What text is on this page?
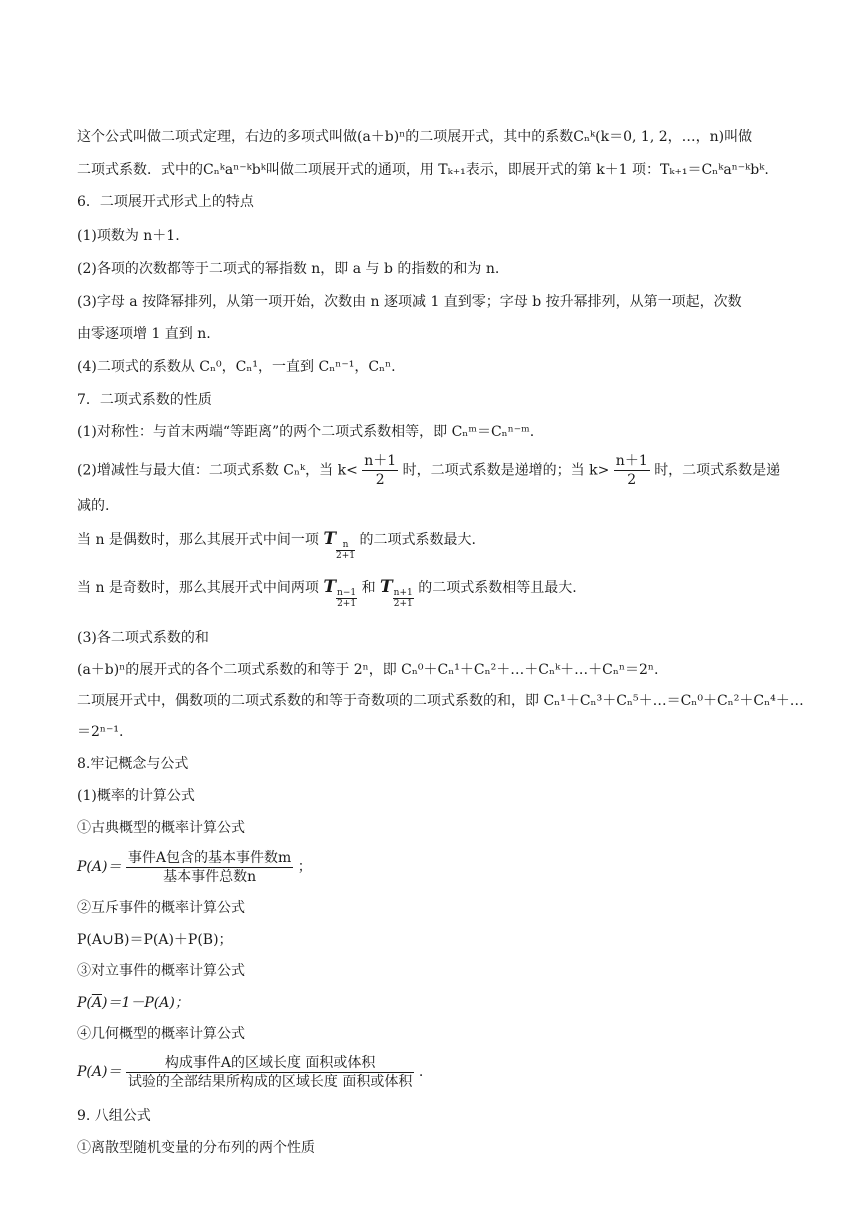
这个公式叫做二项式定理，右边的多项式叫做(a＋b)ⁿ的二项展开式，其中的系数Cₙᵏ(k＝0, 1, 2，…，n)叫做
二项式系数．式中的Cₙᵏaⁿ⁻ᵏbᵏ叫做二项展开式的通项，用 Tₖ₊₁表示，即展开式的第 k＋1 项：Tₖ₊₁＝Cₙᵏaⁿ⁻ᵏbᵏ.
6．二项展开式形式上的特点
(1)项数为 n＋1.
(2)各项的次数都等于二项式的幂指数 n，即 a 与 b 的指数的和为 n.
(3)字母 a 按降幂排列，从第一项开始，次数由 n 逐项减 1 直到零；字母 b 按升幂排列，从第一项起，次数
由零逐项增 1 直到 n.
(4)二项式的系数从 Cₙ⁰，Cₙ¹，一直到 Cₙⁿ⁻¹，Cₙⁿ.
7．二项式系数的性质
(1)对称性：与首末两端“等距离”的两个二项式系数相等，即 Cₙᵐ＝Cₙⁿ⁻ᵐ.
(2)增减性与最大值：二项式系数 Cₙᵏ，当 $k< \frac{n+1}{2}$ 时，二项式系数是递增的；当 $k> \frac{n+1}{2}$ 时，二项式系数是递
减的.
当 n 是偶数时，那么其展开式中间一项 T
$\frac{n}{2+1}$ 的二项式系数最大.
当 n 是奇数时，那么其展开式中间两项 T
$\frac{n-1}{2+1}$ 和 T
$\frac{n+1}{2+1}$ 的二项式系数相等且最大.
(3)各二项式系数的和
(a＋b)ⁿ的展开式的各个二项式系数的和等于 2ⁿ，即 Cₙ⁰＋Cₙ¹＋Cₙ²＋…＋Cₙᵏ＋…＋Cₙⁿ＝2ⁿ.
二项展开式中，偶数项的二项式系数的和等于奇数项的二项式系数的和，即 Cₙ¹＋Cₙ³＋Cₙ⁵＋…＝Cₙ⁰＋Cₙ²＋Cₙ⁴＋…
＝2ⁿ⁻¹.
8.牢记概念与公式
(1)概率的计算公式
①古典概型的概率计算公式
$P(A)= \frac{\text{事件A包含的基本事件数m}}{\text{基本事件总数n}}$ ；
②互斥事件的概率计算公式
P(A∪B)＝P(A)＋P(B)；
③对立事件的概率计算公式
$P(\overline{A})=1-P(A)$；
④几何概型的概率计算公式
$P(A)= \frac{\text{构成事件A的区域长度 面积或体积}}{\text{试验的全部结果所构成的区域长度 面积或体积}}$ .
9. 八组公式
①离散型随机变量的分布列的两个性质
